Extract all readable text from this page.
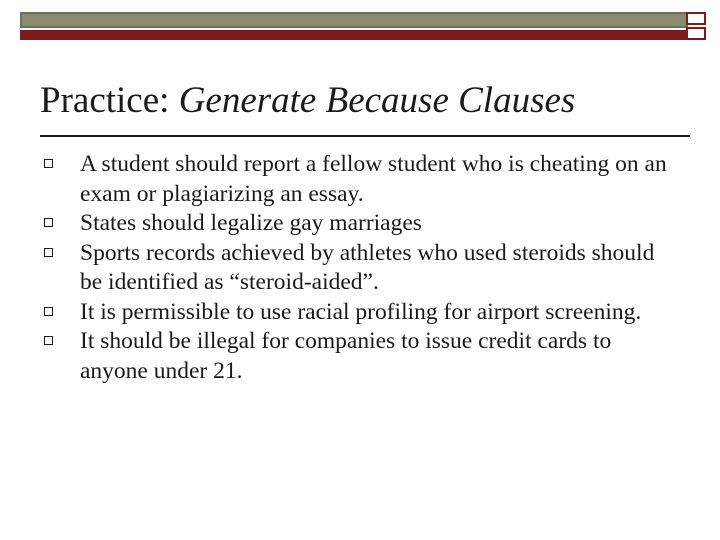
Practice: Generate Because Clauses
A student should report a fellow student who is cheating on an exam or plagiarizing an essay.
States should legalize gay marriages
Sports records achieved by athletes who used steroids should be identified as “steroid-aided”.
It is permissible to use racial profiling for airport screening.
It should be illegal for companies to issue credit cards to anyone under 21.
